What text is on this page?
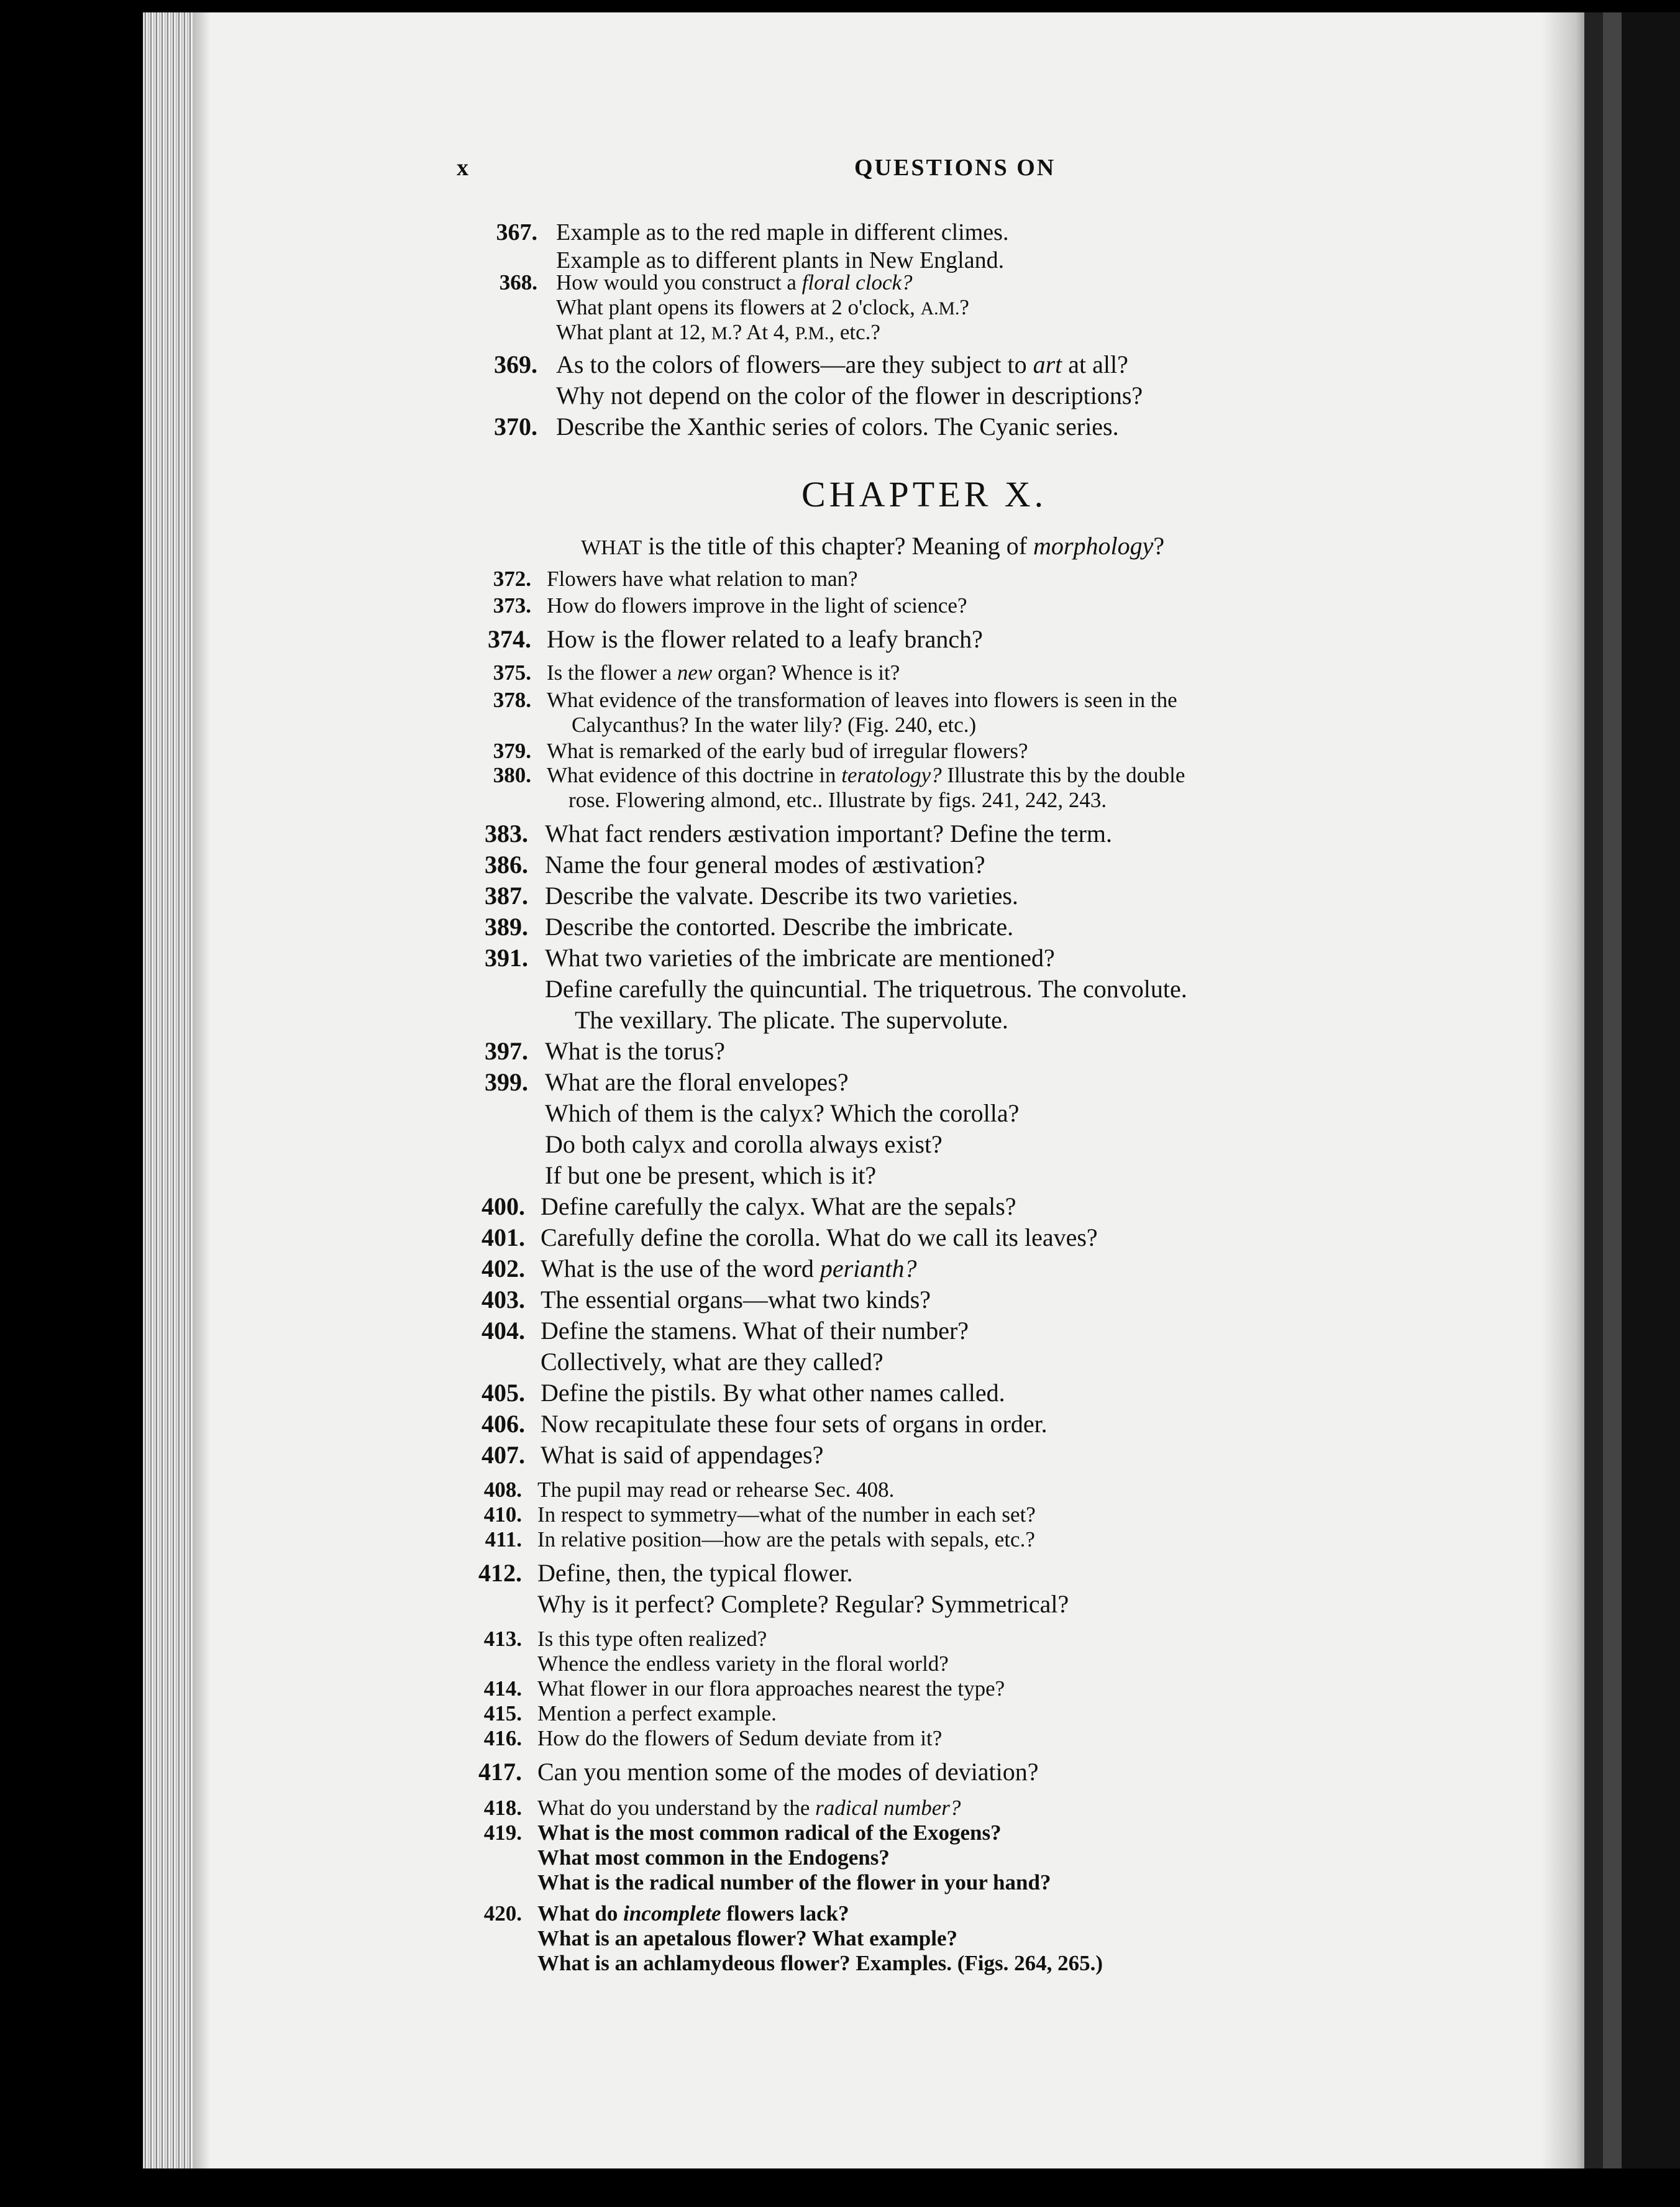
x	QUESTIONS ON
CHAPTER X.
367. Example as to the red maple in different climes.
Example as to different plants in New England.
368. How would you construct a floral clock?
What plant opens its flowers at 2 o'clock, A.M.?
What plant at 12, M.? At 4, P.M., etc.?
369. As to the colors of flowers—are they subject to art at all?
Why not depend on the color of the flower in descriptions?
370. Describe the Xanthic series of colors. The Cyanic series.
WHAT is the title of this chapter? Meaning of morphology?
372. Flowers have what relation to man?
373. How do flowers improve in the light of science?
374. How is the flower related to a leafy branch?
375. Is the flower a new organ? Whence is it?
378. What evidence of the transformation of leaves into flowers is seen in the
Calycanthus? In the water lily? (Fig. 240, etc.)
379. What is remarked of the early bud of irregular flowers?
380. What evidence of this doctrine in teratology? Illustrate this by the double
rose. Flowering almond, etc.. Illustrate by figs. 241, 242, 243.
383. What fact renders æstivation important? Define the term.
386. Name the four general modes of æstivation?
387. Describe the valvate. Describe its two varieties.
389. Describe the contorted. Describe the imbricate.
391. What two varieties of the imbricate are mentioned?
Define carefully the quincuntial. The triquetrous. The convolute.
The vexillary. The plicate. The supervolute.
397. What is the torus?
399. What are the floral envelopes?
Which of them is the calyx? Which the corolla?
Do both calyx and corolla always exist?
If but one be present, which is it?
400. Define carefully the calyx. What are the sepals?
401. Carefully define the corolla. What do we call its leaves?
402. What is the use of the word perianth?
403. The essential organs—what two kinds?
404. Define the stamens. What of their number?
Collectively, what are they called?
405. Define the pistils. By what other names called.
406. Now recapitulate these four sets of organs in order.
407. What is said of appendages?
408. The pupil may read or rehearse Sec. 408.
410. In respect to symmetry—what of the number in each set?
411. In relative position—how are the petals with sepals, etc.?
412. Define, then, the typical flower.
Why is it perfect? Complete? Regular? Symmetrical?
413. Is this type often realized?
Whence the endless variety in the floral world?
414. What flower in our flora approaches nearest the type?
415. Mention a perfect example.
416. How do the flowers of Sedum deviate from it?
417. Can you mention some of the modes of deviation?
418. What do you understand by the radical number?
419. What is the most common radical of the Exogens?
What most common in the Endogens?
What is the radical number of the flower in your hand?
420. What do incomplete flowers lack?
What is an apetalous flower? What example?
What is an achlamydeous flower? Examples. (Figs. 264, 265.)
